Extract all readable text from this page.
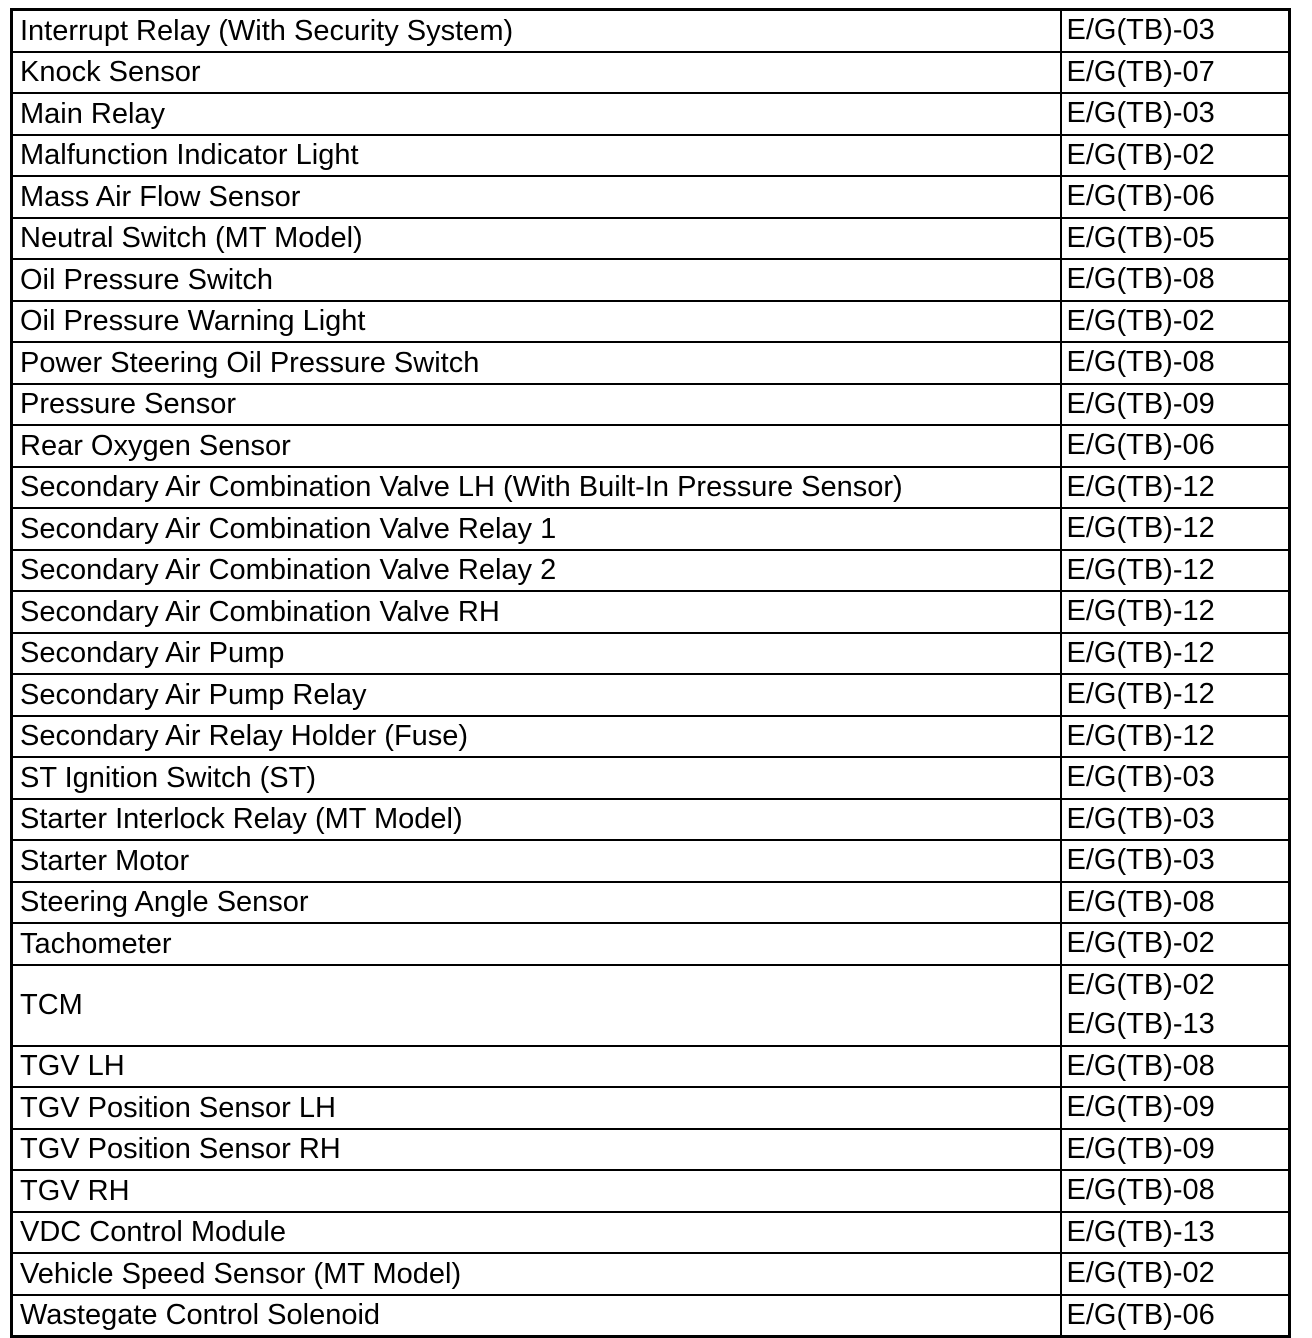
Interrupt Relay (With Security System)	E/G(TB)-03

Knock Sensor	E/G(TB)-07

Main Relay	E/G(TB)-03

Malfunction Indicator Light	E/G(TB)-02

Mass Air Flow Sensor	E/G(TB)-06

Neutral Switch (MT Model)	E/G(TB)-05

Oil Pressure Switch	E/G(TB)-08

Oil Pressure Warning Light	E/G(TB)-02

Power Steering Oil Pressure Switch	E/G(TB)-08

Pressure Sensor	E/G(TB)-09

Rear Oxygen Sensor	E/G(TB)-06

Secondary Air Combination Valve LH (With Built-In Pressure Sensor)	E/G(TB)-12

Secondary Air Combination Valve Relay 1	E/G(TB)-12

Secondary Air Combination Valve Relay 2	E/G(TB)-12

Secondary Air Combination Valve RH	E/G(TB)-12

Secondary Air Pump	E/G(TB)-12

Secondary Air Pump Relay	E/G(TB)-12

Secondary Air Relay Holder (Fuse)	E/G(TB)-12

ST Ignition Switch (ST)	E/G(TB)-03

Starter Interlock Relay (MT Model)	E/G(TB)-03

Starter Motor	E/G(TB)-03

Steering Angle Sensor	E/G(TB)-08

Tachometer	E/G(TB)-02

TCM	E/G(TB)-02
E/G(TB)-13

TGV LH	E/G(TB)-08

TGV Position Sensor LH	E/G(TB)-09

TGV Position Sensor RH	E/G(TB)-09

TGV RH	E/G(TB)-08

VDC Control Module	E/G(TB)-13

Vehicle Speed Sensor (MT Model)	E/G(TB)-02

Wastegate Control Solenoid	E/G(TB)-06
